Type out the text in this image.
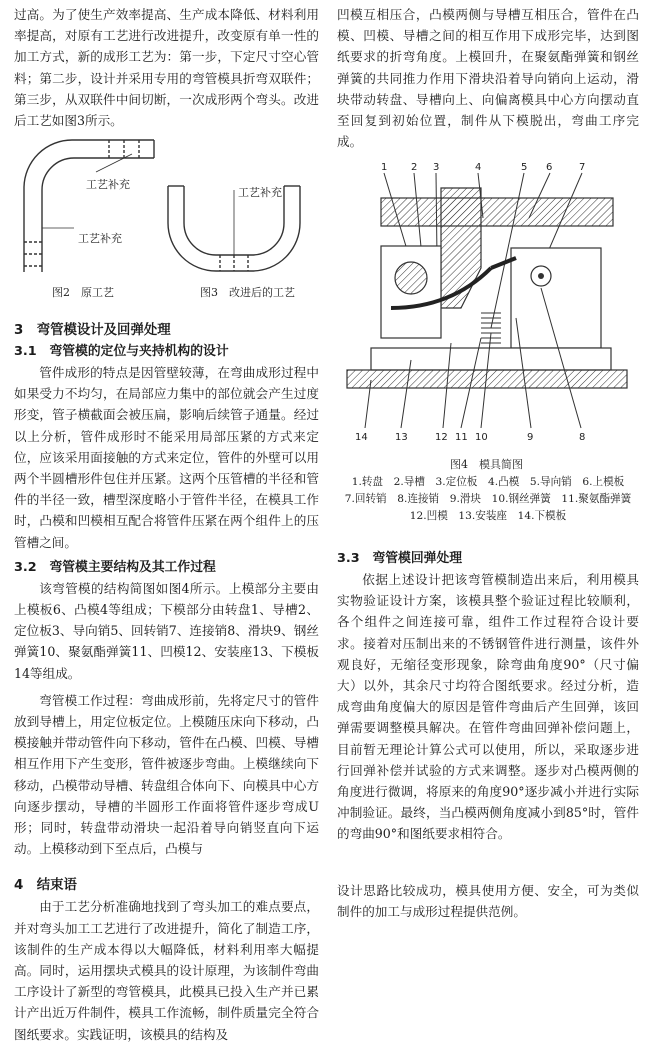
过高。为了使生产效率提高、生产成本降低、材料利用率提高，对原有工艺进行改进提升，改变原有单一性的加工方式，新的成形工艺为：第一步，下定尺寸空心管料；第二步，设计并采用专用的弯管模具折弯双联件；第三步，从双联件中间切断，一次成形两个弯头。改进后工艺如图3所示。

工艺补充
工艺补充
图2　原工艺
工艺补充
图3　改进后的工艺
3　弯管模设计及回弹处理
3.1　弯管模的定位与夹持机构的设计

管件成形的特点是因管壁较薄，在弯曲成形过程中如果受力不均匀，在局部应力集中的部位就会产生过度形变，管子横截面会被压扁，影响后续管子通量。经过以上分析，管件成形时不能采用局部压紧的方式来定位，应该采用面接触的方式来定位，管件的外壁可以用两个半圆槽形件包住并压紧。这两个压管槽的半径和管件的半径一致，槽型深度略小于管件半径，在模具工作时，凸模和凹模相互配合将管件压紧在两个组件上的压管槽之间。

3.2　弯管模主要结构及其工作过程

该弯管模的结构简图如图4所示。上模部分主要由上模板6、凸模4等组成；下模部分由转盘1、导槽2、定位板3、导向销5、回转销7、连接销8、滑块9、钢丝弹簧10、聚氨酯弹簧11、凹模12、安装座13、下模板14等组成。

弯管模工作过程：弯曲成形前，先将定尺寸的管件放到导槽上，用定位板定位。上模随压床向下移动，凸模接触并带动管件向下移动，管件在凸模、凹模、导槽相互作用下产生变形，管件被逐步弯曲。上模继续向下移动，凸模带动导槽、转盘组合体向下、向模具中心方向逐步摆动，导槽的半圆形工作面将管件逐步弯成U形；同时，转盘带动滑块一起沿着导向销竖直向下运动。上模移动到下至点后，凸模与

4　结束语

由于工艺分析准确地找到了弯头加工的难点要点，并对弯头加工工艺进行了改进提升，简化了制造工序，该制件的生产成本得以大幅降低，材料利用率大幅提高。同时，运用摆块式模具的设计原理，为该制件弯曲工序设计了新型的弯管模具，此模具已投入生产并已累计产出近万件制件，模具工作流畅，制件质量完全符合图纸要求。实践证明，该模具的结构及

凹模互相压合，凸模两侧与导槽互相压合，管件在凸模、凹模、导槽之间的相互作用下成形完毕，达到图纸要求的折弯角度。上模回升，在聚氨酯弹簧和钢丝弹簧的共同推力作用下滑块沿着导向销向上运动，滑块带动转盘、导槽向上、向偏离模具中心方向摆动直至回复到初始位置，制件从下模脱出，弯曲工序完成。

1 2 3	4	5 6	7
14	13	12 11 10	9	8
图4　模具简图
1.转盘　2.导槽　3.定位板　4.凸模　5.导向销　6.上模板
7.回转销　8.连接销　9.滑块　10.钢丝弹簧　11.聚氨酯弹簧
12.凹模　13.安装座　14.下模板
3.3　弯管模回弹处理

依据上述设计把该弯管模制造出来后，利用模具实物验证设计方案，该模具整个验证过程比较顺利，各个组件之间连接可靠，组件工作过程符合设计要求。接着对压制出来的不锈钢管件进行测量，该件外观良好，无缩径变形现象，除弯曲角度90°（尺寸偏大）以外，其余尺寸均符合图纸要求。经过分析，造成弯曲角度偏大的原因是管件弯曲后产生回弹，该回弹需要调整模具解决。在管件弯曲回弹补偿问题上，目前暂无理论计算公式可以使用，所以，采取逐步进行回弹补偿并试验的方式来调整。逐步对凸模两侧的角度进行微调，将原来的角度90°逐步减小并进行实际冲制验证。最终，当凸模两侧角度减小到85°时，管件的弯曲90°和图纸要求相符合。

设计思路比较成功，模具使用方便、安全，可为类似制件的加工与成形过程提供范例。
